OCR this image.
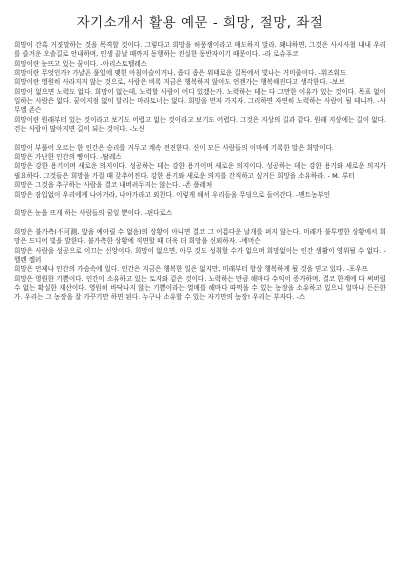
자기소개서 활용 예문 - 희망, 절망, 좌절

희망이 간혹 거짓말하는 것을 목격할 것이다. 그렇다고 희망을 허풍쟁이라고 매도하지 말라. 왜냐하면, 그것은 사시사철 내내 우리를 즐거운 오솔길로 안내하며, 인생 끝날 때까지 동행하는 진실한 동반자이기 때문이다. -라 로슈푸코

희망이란 눈뜨고 있는 꿈이다. -아리스토텔레스

희망이란 무엇인가? 가냘픈 풀잎에 맺힌 아침이슬이거나, 좁디 좁은 위태로운 길목에서 빛나는 거미줄이다. -워즈워드

희망이란 영원히 사라지지 않는 것으로, 사람은 비록 지금은 행복하지 않아도 언젠가는 행복해진다고 생각한다. -보브

희망이 없으면 노력도 없다. 희망이 없는데, 노력할 사람이 어디 있겠는가. 노력하는 데는 다 그만한 이유가 있는 것이다. 목표 없이 일하는 사람은 없다. 꿈이지점 없이 달리는 마라토너는 없다. 희망을 먼저 가지자. 그리하면 자연히 노력하는 사람이 될 테니까. -사무엘 존슨

희망이란 원래부터 있는 것이라고 보기도 어렵고 없는 것이라고 보기도 어렵다. 그것은 지상의 길과 같다. 원래 지상에는 길이 없다. 걷는 사람이 많아지면 길이 되는 것이다. -노신

희망이 부풀어 오르는 한 인간은 승리를 거두고 계속 전진한다. 신이 모든 사람들의 이마에 기록한 말은 희망이다.

희망은 가난한 인간의 빵이다. -탈레스

희망은 강한 용기이며 새로운 의지이다. 성공하는 데는 강한 용기이며 새로운 의지이다. 성공하는 데는 강한 용기와 새로운 의지가 필요하다. 그것들은 희망을 가질 때 갖추어진다. 강한 용기와 새로운 의지를 간직하고 싶거든 희망을 소유하라. - M. 루터

희망은 그것을 추구하는 사람을 결코 내버려두지는 않는다. -존 플레처

희망은 잠입없이 우리에게 나아가라, 나아가라고 외친다. 이렇게 해서 우리들을 무덤으로 들어간다. -맨트농부인

희망은 눈을 뜨게 하는 사람들의 꿈일 뿐이다. -핀다로스

희망은 불가측(不可測, 앞을 예아릴 수 없음)의 상황이 아니면 결코 그 이름다운 날개를 펴지 않는다. 미래가 불투명한 상황에서 희망은 드디어 빛을 발한다. 불가측한 상황에 직면할 때 더욱 더 희망을 신뢰하자. -에머슨

희망은 사람을 성공으로 이끄는 신앙이다. 희망이 없으면, 아무 것도 성취할 수가 없으며 희망없이는 인간 생활이 영위될 수 없다. -헬렌 켈러

희망은 언제나 인간의 가슴속에 있다. 인간은 지금은 행복한 일은 없지만, 미래부터 항상 행복하게 될 것을 믿고 있다. -포우프

희망은 영원한 기쁨이다. 인간이 소유하고 있는 토지와 같은 것이다. 노력하는 만큼 해마다 수익이 증가하며, 결코 한계에 다 써버릴 수 없는 확실한 재산이다. 영원히 바닥나지 않는 기쁨이라는 열매를 해마다 따먹을 수 있는 농장을 소유하고 있으니 얼마나 든든한가. 우리는 그 농장을 잘 가꾸기만 하면 된다. 누구나 소유할 수 있는 자기만의 농장! 우리는 부자다. -스
